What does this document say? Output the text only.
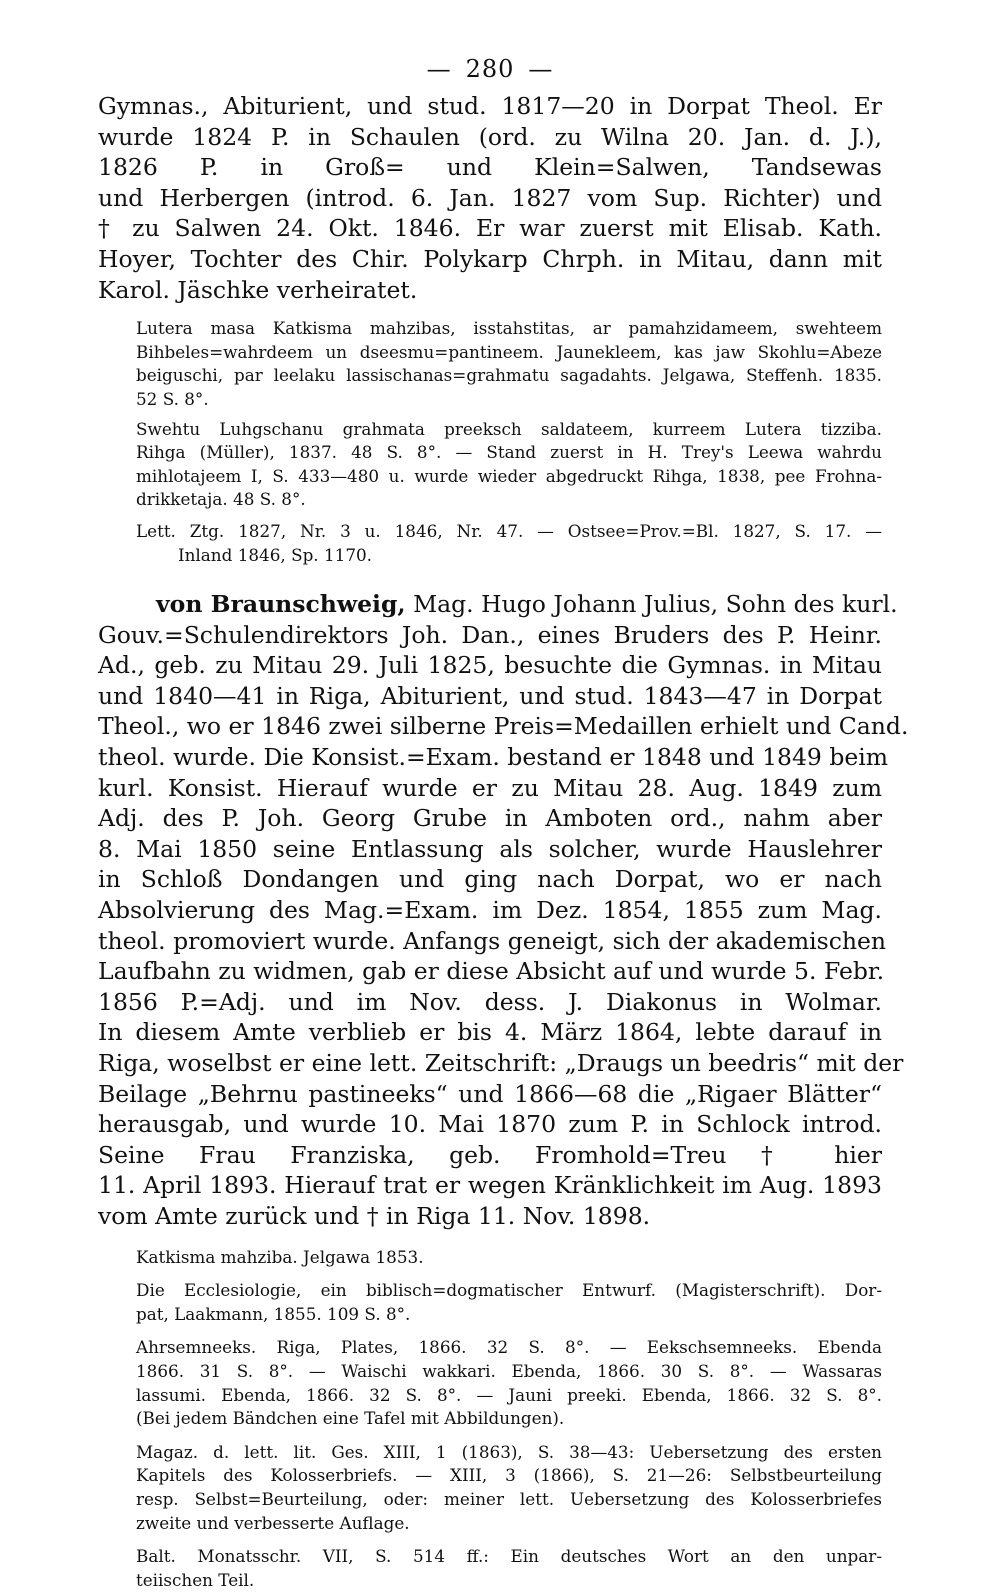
— 280 —
Gymnas., Abiturient, und stud. 1817—20 in Dorpat Theol. Er
wurde 1824 P. in Schaulen (ord. zu Wilna 20. Jan. d. J.),
1826 P. in Groß= und Klein=Salwen, Tandsewas
und Herbergen (introd. 6. Jan. 1827 vom Sup. Richter) und
† zu Salwen 24. Okt. 1846. Er war zuerst mit Elisab. Kath.
Hoyer, Tochter des Chir. Polykarp Chrph. in Mitau, dann mit
Karol. Jäschke verheiratet.
Lutera masa Katkisma mahzibas, isstahstitas, ar pamahzidameem, swehteem
Bihbeles=wahrdeem un dseesmu=pantineem. Jaunekleem, kas jaw Skohlu=Abeze
beiguschi, par leelaku lassischanas=grahmatu sagadahts. Jelgawa, Steffenh. 1835.
52 S. 8°.
Swehtu Luhgschanu grahmata preeksch saldateem, kurreem Lutera tizziba.
Rihga (Müller), 1837. 48 S. 8°. — Stand zuerst in H. Trey's Leewa wahrdu
mihlotajeem I, S. 433—480 u. wurde wieder abgedruckt Rihga, 1838, pee Frohna-
drikketaja. 48 S. 8°.
Lett. Ztg. 1827, Nr. 3 u. 1846, Nr. 47. — Ostsee=Prov.=Bl. 1827, S. 17. —
Inland 1846, Sp. 1170.
von Braunschweig, Mag. Hugo Johann Julius, Sohn des kurl.
Gouv.=Schulendirektors Joh. Dan., eines Bruders des P. Heinr.
Ad., geb. zu Mitau 29. Juli 1825, besuchte die Gymnas. in Mitau
und 1840—41 in Riga, Abiturient, und stud. 1843—47 in Dorpat
Theol., wo er 1846 zwei silberne Preis=Medaillen erhielt und Cand.
theol. wurde. Die Konsist.=Exam. bestand er 1848 und 1849 beim
kurl. Konsist. Hierauf wurde er zu Mitau 28. Aug. 1849 zum
Adj. des P. Joh. Georg Grube in Amboten ord., nahm aber
8. Mai 1850 seine Entlassung als solcher, wurde Hauslehrer
in Schloß Dondangen und ging nach Dorpat, wo er nach
Absolvierung des Mag.=Exam. im Dez. 1854, 1855 zum Mag.
theol. promoviert wurde. Anfangs geneigt, sich der akademischen
Laufbahn zu widmen, gab er diese Absicht auf und wurde 5. Febr.
1856 P.=Adj. und im Nov. dess. J. Diakonus in Wolmar.
In diesem Amte verblieb er bis 4. März 1864, lebte darauf in
Riga, woselbst er eine lett. Zeitschrift: „Draugs un beedris“ mit der
Beilage „Behrnu pastineeks“ und 1866—68 die „Rigaer Blätter“
herausgab, und wurde 10. Mai 1870 zum P. in Schlock introd.
Seine Frau Franziska, geb. Fromhold=Treu † hier
11. April 1893. Hierauf trat er wegen Kränklichkeit im Aug. 1893
vom Amte zurück und † in Riga 11. Nov. 1898.
Katkisma mahziba. Jelgawa 1853.
Die Ecclesiologie, ein biblisch=dogmatischer Entwurf. (Magisterschrift). Dor-
pat, Laakmann, 1855. 109 S. 8°.
Ahrsemneeks. Riga, Plates, 1866. 32 S. 8°. — Eekschsemneeks. Ebenda
1866. 31 S. 8°. — Waischi wakkari. Ebenda, 1866. 30 S. 8°. — Wassaras
lassumi. Ebenda, 1866. 32 S. 8°. — Jauni preeki. Ebenda, 1866. 32 S. 8°.
(Bei jedem Bändchen eine Tafel mit Abbildungen).
Magaz. d. lett. lit. Ges. XIII, 1 (1863), S. 38—43: Uebersetzung des ersten
Kapitels des Kolosserbriefs. — XIII, 3 (1866), S. 21—26: Selbstbeurteilung
resp. Selbst=Beurteilung, oder: meiner lett. Uebersetzung des Kolosserbriefes
zweite und verbesserte Auflage.
Balt. Monatsschr. VII, S. 514 ff.: Ein deutsches Wort an den unpar-
teiischen Teil.
